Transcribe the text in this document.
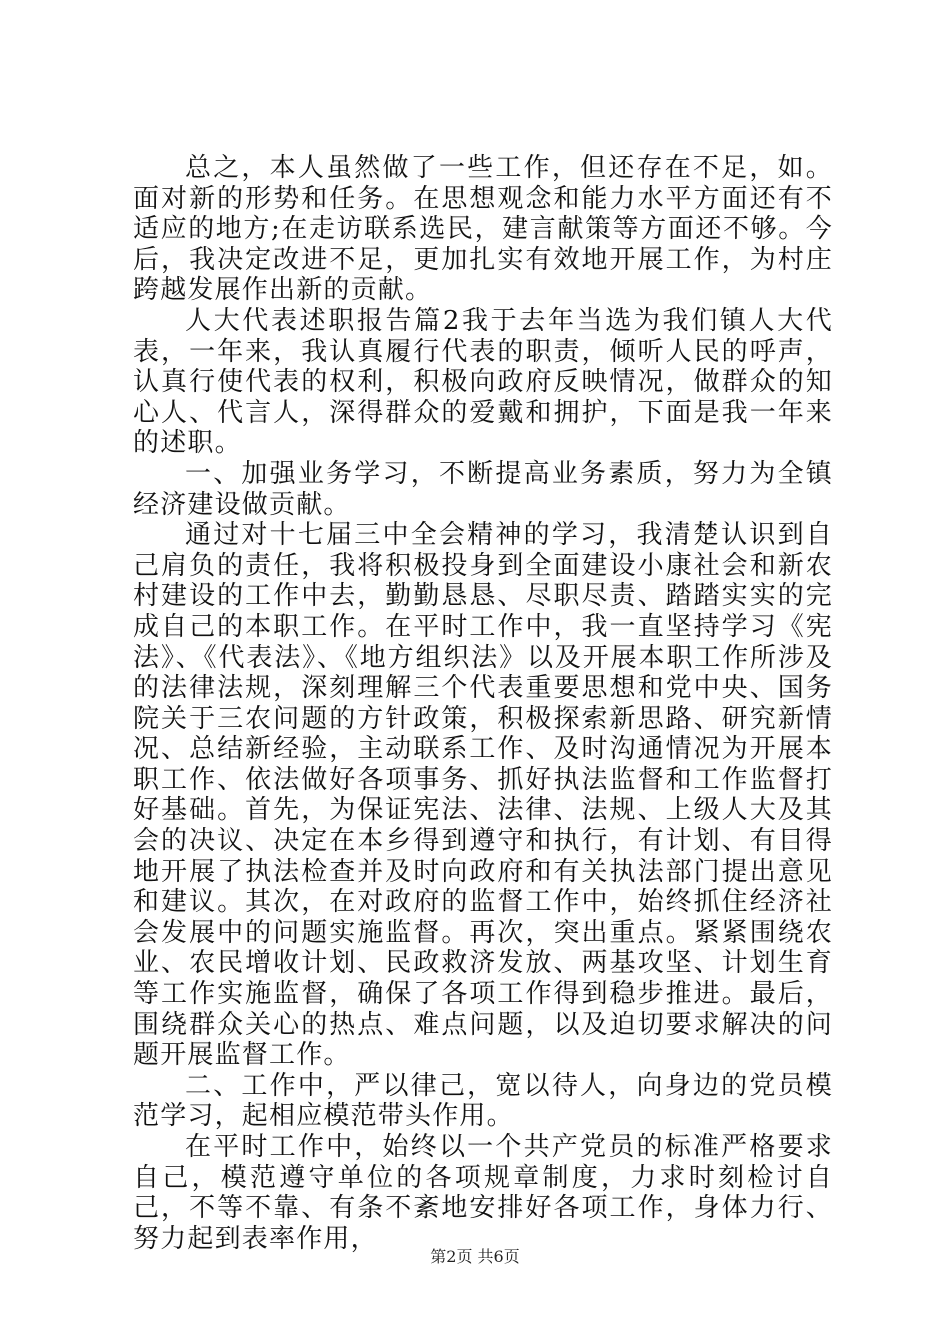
总之，本人虽然做了一些工作，但还存在不足，如。面对新的形势和任务。在思想观念和能力水平方面还有不适应的地方;在走访联系选民，建言献策等方面还不够。今后，我决定改进不足，更加扎实有效地开展工作，为村庄跨越发展作出新的贡献。

人大代表述职报告篇2我于去年当选为我们镇人大代表，一年来，我认真履行代表的职责，倾听人民的呼声，认真行使代表的权利，积极向政府反映情况，做群众的知心人、代言人，深得群众的爱戴和拥护，下面是我一年来的述职。

一、加强业务学习，不断提高业务素质，努力为全镇经济建设做贡献。

通过对十七届三中全会精神的学习，我清楚认识到自己肩负的责任，我将积极投身到全面建设小康社会和新农村建设的工作中去，勤勤恳恳、尽职尽责、踏踏实实的完成自己的本职工作。在平时工作中，我一直坚持学习《宪法》、《代表法》、《地方组织法》以及开展本职工作所涉及的法律法规，深刻理解三个代表重要思想和党中央、国务院关于三农问题的方针政策，积极探索新思路、研究新情况、总结新经验，主动联系工作、及时沟通情况为开展本职工作、依法做好各项事务、抓好执法监督和工作监督打好基础。首先，为保证宪法、法律、法规、上级人大及其会的决议、决定在本乡得到遵守和执行，有计划、有目得地开展了执法检查并及时向政府和有关执法部门提出意见和建议。其次，在对政府的监督工作中，始终抓住经济社会发展中的问题实施监督。再次，突出重点。紧紧围绕农业、农民增收计划、民政救济发放、两基攻坚、计划生育等工作实施监督，确保了各项工作得到稳步推进。最后，围绕群众关心的热点、难点问题，以及迫切要求解决的问题开展监督工作。

二、工作中，严以律己，宽以待人，向身边的党员模范学习，起相应模范带头作用。

在平时工作中，始终以一个共产党员的标准严格要求自己，模范遵守单位的各项规章制度，力求时刻检讨自己，不等不靠、有条不紊地安排好各项工作，身体力行、努力起到表率作用，

第2页 共6页
